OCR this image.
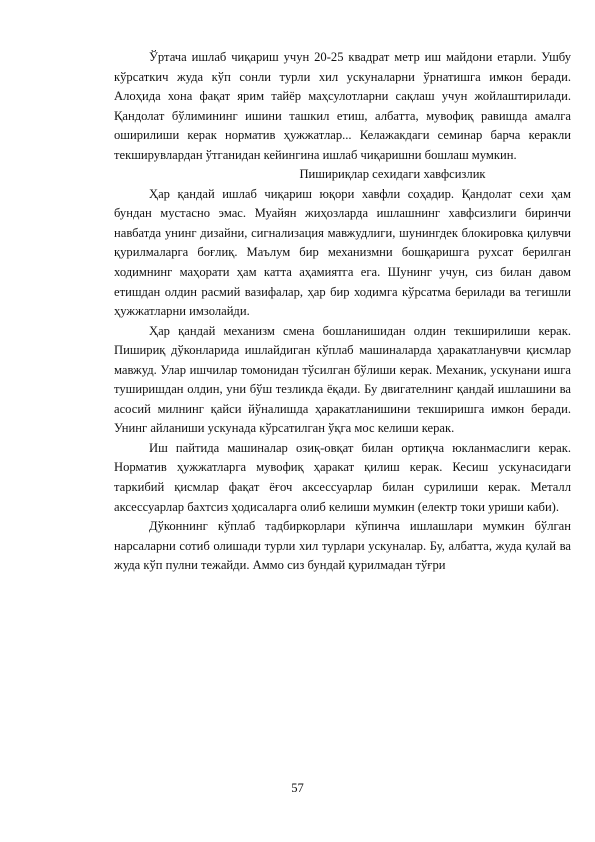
Ўртача ишлаб чиқариш учун 20-25 квадрат метр иш майдони етарли. Ушбу кўрсаткич жуда кўп сонли турли хил ускуналарни ўрнатишга имкон беради. Алоҳида хона фақат ярим тайёр маҳсулотларни сақлаш учун жойлаштирилади. Қандолат бўлимининг ишини ташкил етиш, албатта, мувофиқ равишда амалга оширилиши керак норматив ҳужжатлар... Келажакдаги семинар барча керакли текширувлардан ўтганидан кейингина ишлаб чиқаришни бошлаш мумкин.

Пишириқлар сехидаги хавфсизлик

Ҳар қандай ишлаб чиқариш юқори хавфли соҳадир. Қандолат сехи ҳам бундан мустасно эмас. Муайян жиҳозларда ишлашнинг хавфсизлиги биринчи навбатда унинг дизайни, сигнализация мавжудлиги, шунингдек блокировка қилувчи қурилмаларга боғлиқ. Маълум бир механизмни бошқаришга рухсат берилган ходимнинг маҳорати ҳам катта аҳамиятга ега. Шунинг учун, сиз билан давом етишдан олдин расмий вазифалар, ҳар бир ходимга кўрсатма берилади ва тегишли ҳужжатларни имзолайди.

Ҳар қандай механизм смена бошланишидан олдин текширилиши керак. Пишириқ дўконларида ишлайдиган кўплаб машиналарда ҳаракатланувчи қисмлар мавжуд. Улар ишчилар томонидан тўсилган бўлиши керак. Механик, ускунани ишга туширишдан олдин, уни бўш тезликда ёқади. Бу двигателнинг қандай ишлашини ва асосий милнинг қайси йўналишда ҳаракатланишини текширишга имкон беради. Унинг айланиши ускунада кўрсатилган ўқга мос келиши керак.

Иш пайтида машиналар озиқ-овқат билан ортиқча юкланмаслиги керак. Норматив ҳужжатларга мувофиқ ҳаракат қилиш керак. Кесиш ускунасидаги таркибий қисмлар фақат ёғоч аксессуарлар билан сурилиши керак. Металл аксессуарлар бахтсиз ҳодисаларга олиб келиши мумкин (електр токи уриши каби).

Дўконнинг кўплаб тадбиркорлари кўпинча ишлашлари мумкин бўлган нарсаларни сотиб олишади турли хил турлари ускуналар. Бу, албатта, жуда қулай ва жуда кўп пулни тежайди. Аммо сиз бундай қурилмадан тўғри

57
